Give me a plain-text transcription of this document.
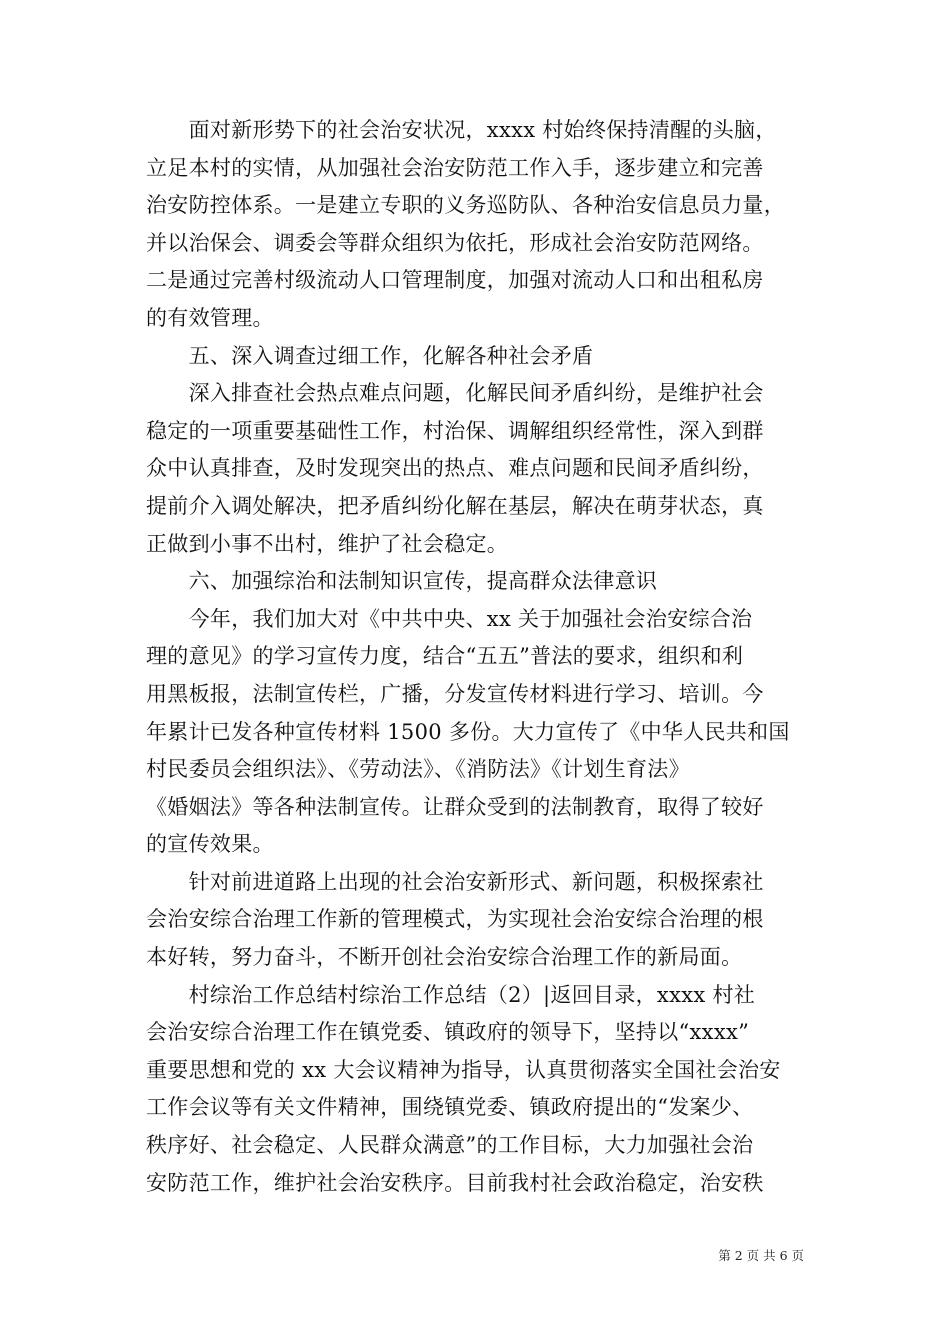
　　面对新形势下的社会治安状况，xxxx 村始终保持清醒的头脑，
立足本村的实情，从加强社会治安防范工作入手，逐步建立和完善
治安防控体系。一是建立专职的义务巡防队、各种治安信息员力量，
并以治保会、调委会等群众组织为依托，形成社会治安防范网络。
二是通过完善村级流动人口管理制度，加强对流动人口和出租私房
的有效管理。
　　五、深入调查过细工作，化解各种社会矛盾
　　深入排查社会热点难点问题，化解民间矛盾纠纷，是维护社会
稳定的一项重要基础性工作，村治保、调解组织经常性，深入到群
众中认真排查，及时发现突出的热点、难点问题和民间矛盾纠纷，
提前介入调处解决，把矛盾纠纷化解在基层，解决在萌芽状态，真
正做到小事不出村，维护了社会稳定。
　　六、加强综治和法制知识宣传，提高群众法律意识
　　今年，我们加大对《中共中央、xx 关于加强社会治安综合治
理的意见》的学习宣传力度，结合“五五”普法的要求，组织和利
用黑板报，法制宣传栏，广播，分发宣传材料进行学习、培训。今
年累计已发各种宣传材料 1500 多份。大力宣传了《中华人民共和国
村民委员会组织法》、《劳动法》、《消防法》《计划生育法》
《婚姻法》等各种法制宣传。让群众受到的法制教育，取得了较好
的宣传效果。
　　针对前进道路上出现的社会治安新形式、新问题，积极探索社
会治安综合治理工作新的管理模式，为实现社会治安综合治理的根
本好转，努力奋斗，不断开创社会治安综合治理工作的新局面。
　　村综治工作总结村综治工作总结（2）|返回目录，xxxx 村社
会治安综合治理工作在镇党委、镇政府的领导下，坚持以“xxxx”
重要思想和党的 xx 大会议精神为指导，认真贯彻落实全国社会治安
工作会议等有关文件精神，围绕镇党委、镇政府提出的“发案少、
秩序好、社会稳定、人民群众满意”的工作目标，大力加强社会治
安防范工作，维护社会治安秩序。目前我村社会政治稳定，治安秩
第 2 页 共 6 页
